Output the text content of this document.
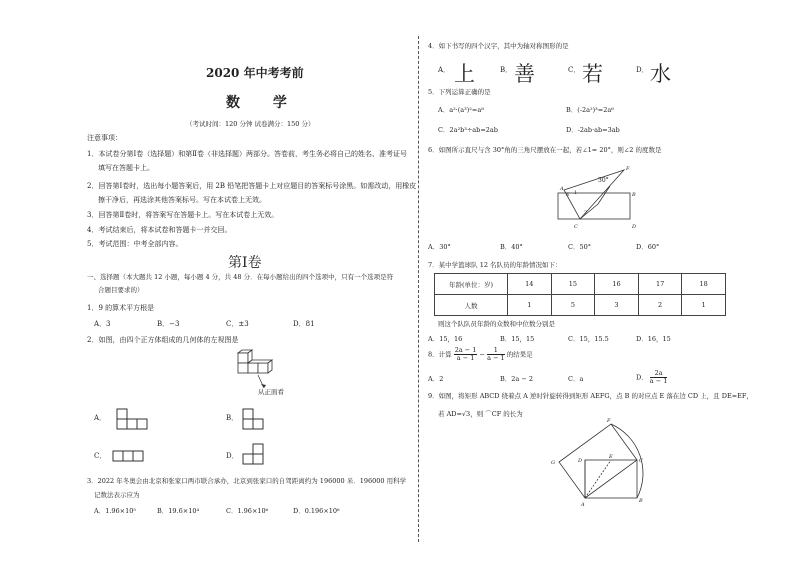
2020 年中考考前
数 学
（考试时间：120 分钟 试卷满分：150 分）
注意事项：
1．本试卷分第Ⅰ卷（选择题）和第Ⅱ卷（非选择题）两部分。答卷前，考生务必将自己的姓名、准考证号
填写在答题卡上。
2．回答第Ⅰ卷时，选出每小题答案后，用 2B 铅笔把答题卡上对应题目的答案标号涂黑。如需改动，用橡皮
擦干净后，再选涂其他答案标号。写在本试卷上无效。
3．回答第Ⅱ卷时，将答案写在答题卡上。写在本试卷上无效。
4．考试结束后，将本试卷和答题卡一并交回。
5．考试范围：中考全部内容。
第Ⅰ卷
一、选择题（本大题共 12 小题，每小题 4 分，共 48 分．在每小题给出的四个选项中，只有一个选项是符
合题目要求的）
1．9 的算术平方根是
A．3	B．−3	C．±3	D．81
2．如图，由四个正方体组成的几何体的左视图是
从正面看
A．	B．
C．	D．
3．2022 年冬奥会由北京和张家口两市联合承办，北京到张家口的自驾距离约为 196000 米．196000 用科学
记数法表示应为
A．1.96×10⁵	B．19.6×10⁴	C．1.96×10⁶	D．0.196×10⁶
4．如下书写的四个汉字，其中为轴对称图形的是
A． 上	B． 善	C． 若	D． 水
5．下列运算正确的是
A．a²·(a³)²=a⁸	B．(-2a²)³=2a⁶
C．2a²b³÷ab=2ab	D．-2ab·ab=3ab
6．如图所示直尺与含 30°角的三角尺摆放在一起，若∠1= 20°，则∠2 的度数是
30°
1
2
A
B
C	D
E
F
A．30°	B．40°	C．50°	D．60°
7．某中学篮球队 12 名队员的年龄情况如下：
年龄(单位：岁)	14	15	16	17	18
人数	1	5	3	2	1
则这个队队员年龄的众数和中位数分别是
A．15，16	B．15，15	C．15，15.5	D．16，15
8．计算 $\frac{2a - 1}{a - 1} - \frac{1}{a - 1}$ 的结果是
A．2	B．2a − 2	C．a	D． $\frac{2a}{a - 1}$
9．如图，将矩形 ABCD 绕着点 A 逆时针旋转得到矩形 AEFG，点 B 的对应点 E 落在边 CD 上，且 DE=EF，
若 AD=√3，则 ⌒CF 的长为
A
B
C
D
E
F
G
